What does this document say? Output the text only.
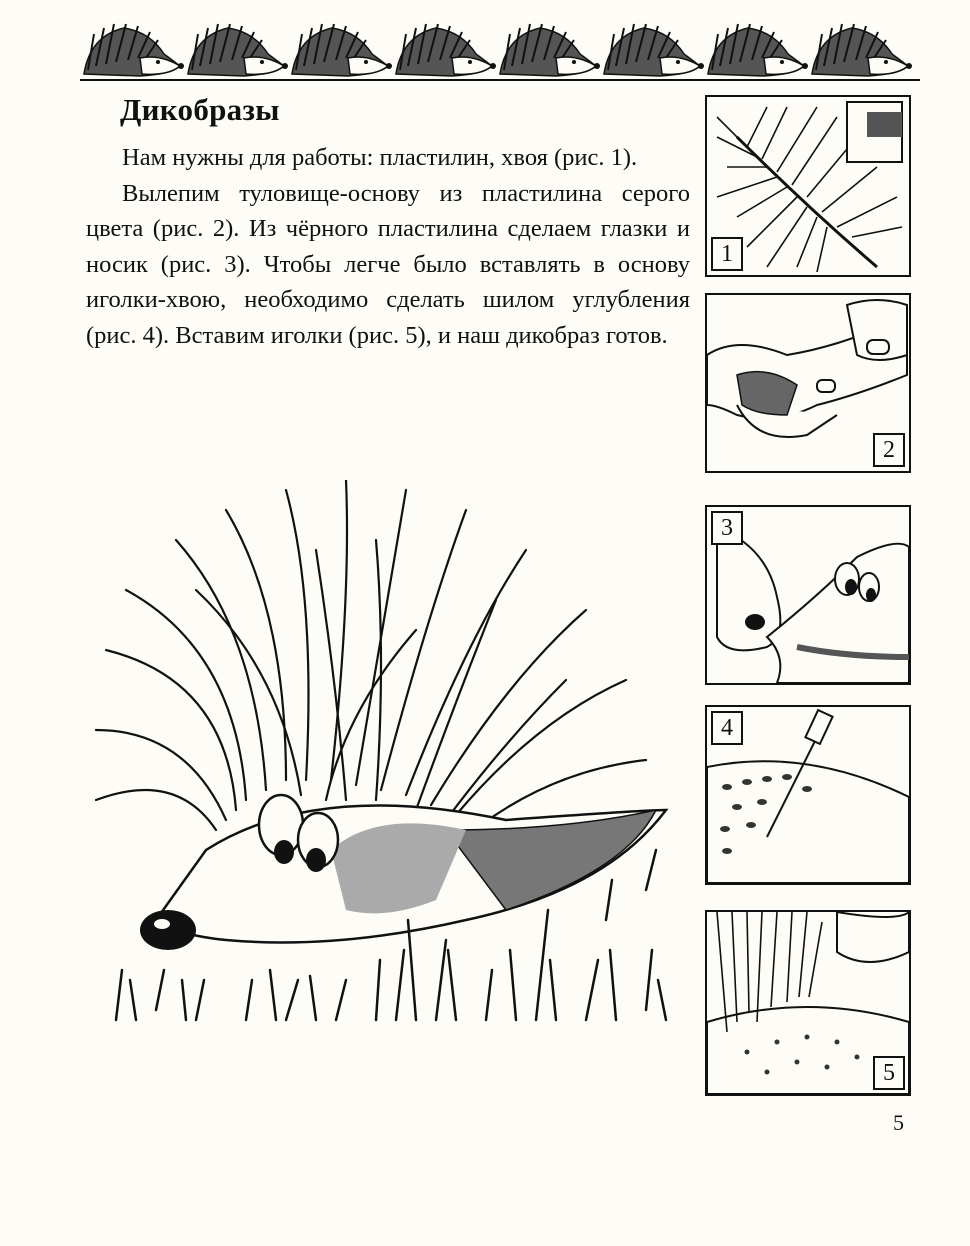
Дикобразы

Нам нужны для работы: пластилин, хвоя (рис. 1).

Вылепим туловище-основу из пластилина серого цвета (рис. 2). Из чёрного пластилина сделаем глазки и носик (рис. 3). Чтобы легче было вставлять в основу иголки-хвою, необходимо сделать шилом углубления (рис. 4). Вставим иголки (рис. 5), и наш дикобраз готов.

1
2
3
4
5
5
